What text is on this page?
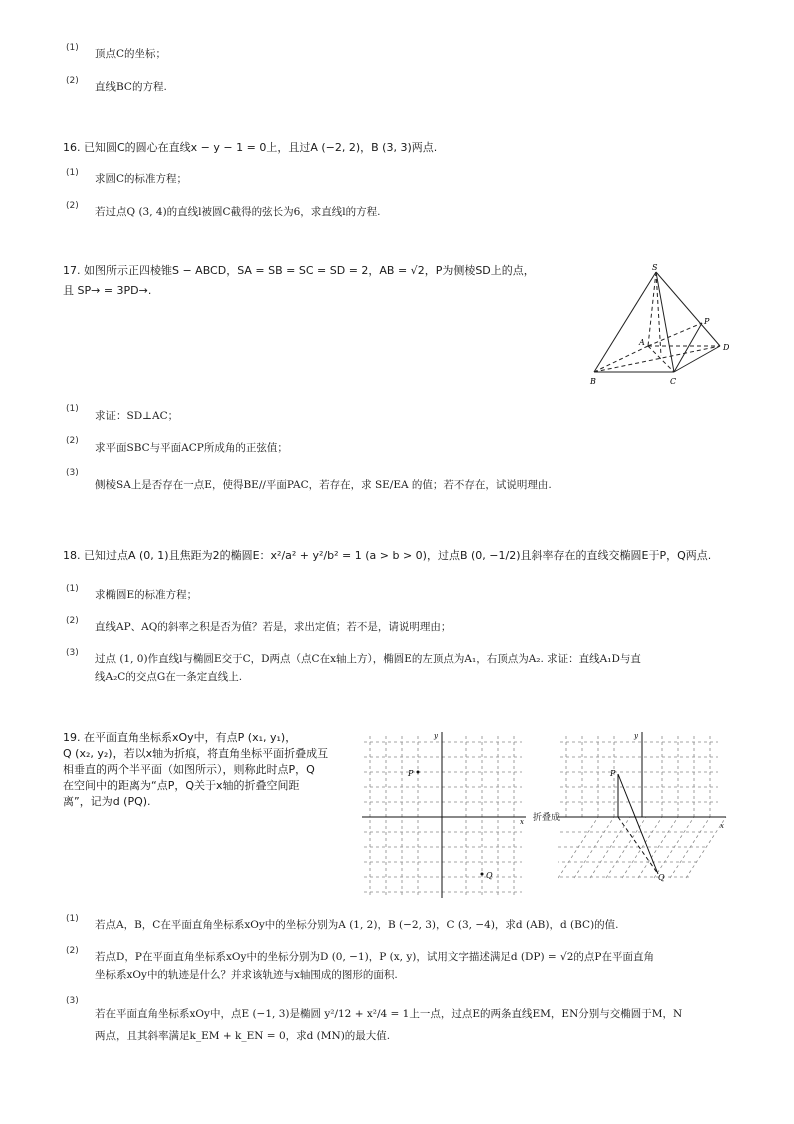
(1) 顶点C的坐标；
(2) 直线BC的方程.
16. 已知圆C的圆心在直线x − y − 1 = 0上，且过A (−2, 2)，B (3, 3)两点.
(1) 求圆C的标准方程；
(2) 若过点Q (3, 4)的直线l被圆C截得的弦长为6，求直线l的方程.
17. 如图所示正四棱锥S − ABCD，SA = SB = SC = SD = 2，AB = √2，P为侧棱SD上的点，
且 SP→ = 3PD→.
S
P
A
D
B	C
(1)
求证：SD⊥AC；
(2)
求平面SBC与平面ACP所成角的正弦值；
(3)
侧棱SA上是否存在一点E，使得BE//平面PAC，若存在，求 SE/EA 的值；若不存在，试说明理由.
18. 已知过点A (0, 1)且焦距为2的椭圆E：x²/a² + y²/b² = 1 (a > b > 0)，过点B (0, −1/2)且斜率存在的直线交椭圆E于P，Q两点.
(1) 求椭圆E的标准方程；
(2) 直线AP、AQ的斜率之积是否为值？若是，求出定值；若不是，请说明理由；
(3) 过点 (1, 0)作直线l与椭圆E交于C，D两点（点C在x轴上方），椭圆E的左顶点为A₁，右顶点为A₂. 求证：直线A₁D与直
线A₂C的交点G在一条定直线上.
19. 在平面直角坐标系xOy中，有点P (x₁, y₁)，
Q (x₂, y₂)，若以x轴为折痕，将直角坐标平面折叠成互
相垂直的两个半平面（如图所示），则称此时点P，Q
在空间中的距离为“点P，Q关于x轴的折叠空间距
离”，记为d (PQ).
y
x
P
Q
折叠成
y
x
P
Q
(1) 若点A，B，C在平面直角坐标系xOy中的坐标分别为A (1, 2)，B (−2, 3)，C (3, −4)，求d (AB)，d (BC)的值.
(2) 若点D，P在平面直角坐标系xOy中的坐标分别为D (0, −1)，P (x, y)，试用文字描述满足d (DP) = √2的点P在平面直角
坐标系xOy中的轨迹是什么？并求该轨迹与x轴围成的图形的面积.
(3)
若在平面直角坐标系xOy中，点E (−1, 3)是椭圆 y²/12 + x²/4 = 1上一点，过点E的两条直线EM，EN分别与交椭圆于M，N
两点，且其斜率满足k_EM + k_EN = 0，求d (MN)的最大值.
